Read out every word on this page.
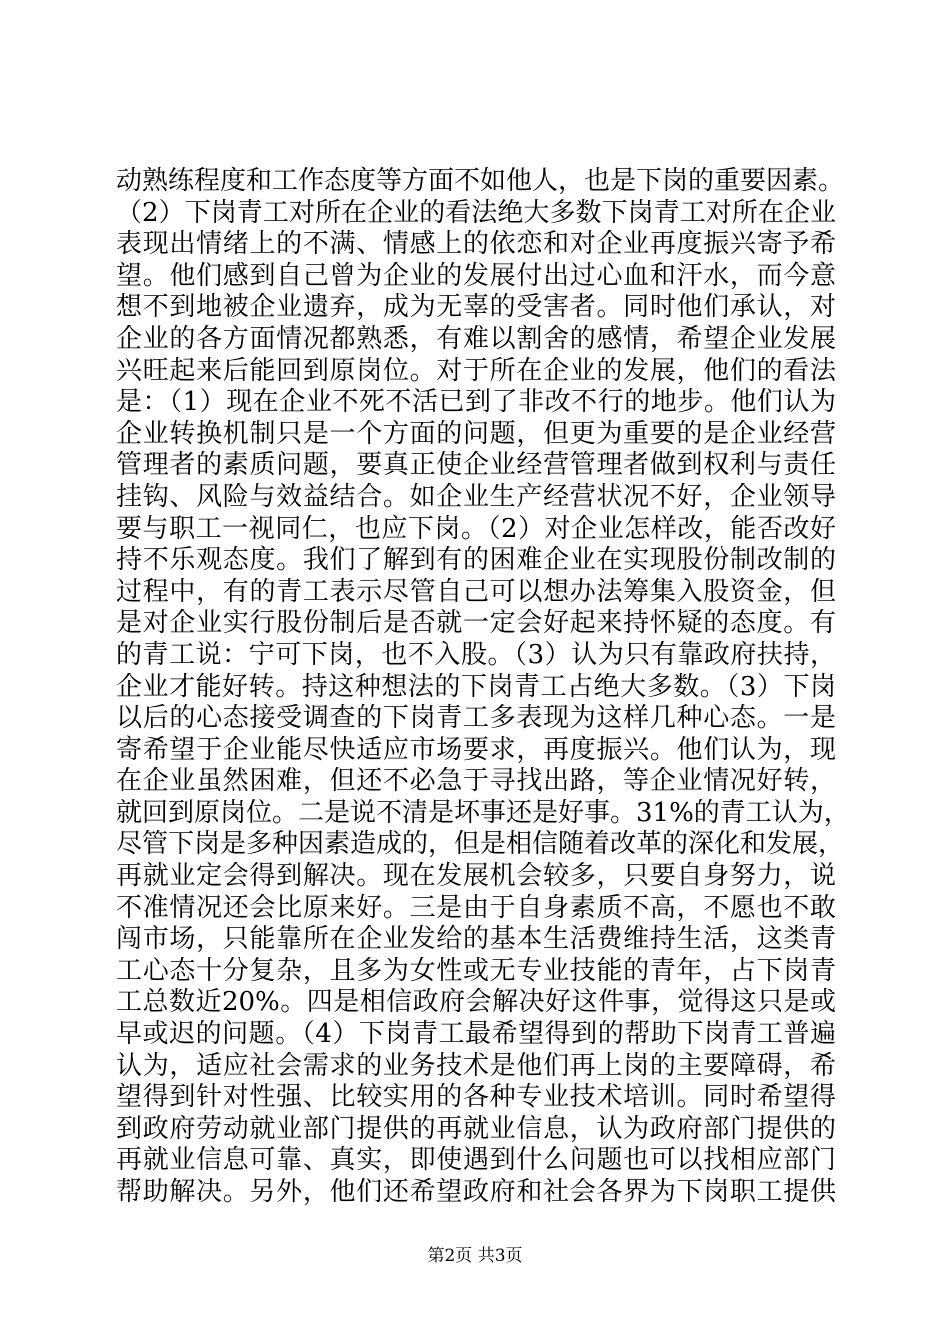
动熟练程度和工作态度等方面不如他人，也是下岗的重要因素。
（2）下岗青工对所在企业的看法绝大多数下岗青工对所在企业
表现出情绪上的不满、情感上的依恋和对企业再度振兴寄予希
望。他们感到自己曾为企业的发展付出过心血和汗水，而今意
想不到地被企业遗弃，成为无辜的受害者。同时他们承认，对
企业的各方面情况都熟悉，有难以割舍的感情，希望企业发展
兴旺起来后能回到原岗位。对于所在企业的发展，他们的看法
是：（1）现在企业不死不活已到了非改不行的地步。他们认为
企业转换机制只是一个方面的问题，但更为重要的是企业经营
管理者的素质问题，要真正使企业经营管理者做到权利与责任
挂钩、风险与效益结合。如企业生产经营状况不好，企业领导
要与职工一视同仁，也应下岗。（2）对企业怎样改，能否改好
持不乐观态度。我们了解到有的困难企业在实现股份制改制的
过程中，有的青工表示尽管自己可以想办法筹集入股资金，但
是对企业实行股份制后是否就一定会好起来持怀疑的态度。有
的青工说：宁可下岗，也不入股。（3）认为只有靠政府扶持，
企业才能好转。持这种想法的下岗青工占绝大多数。（3）下岗
以后的心态接受调查的下岗青工多表现为这样几种心态。一是
寄希望于企业能尽快适应市场要求，再度振兴。他们认为，现
在企业虽然困难，但还不必急于寻找出路，等企业情况好转，
就回到原岗位。二是说不清是坏事还是好事。31%的青工认为，
尽管下岗是多种因素造成的，但是相信随着改革的深化和发展，
再就业定会得到解决。现在发展机会较多，只要自身努力，说
不准情况还会比原来好。三是由于自身素质不高，不愿也不敢
闯市场，只能靠所在企业发给的基本生活费维持生活，这类青
工心态十分复杂，且多为女性或无专业技能的青年，占下岗青
工总数近20%。四是相信政府会解决好这件事，觉得这只是或
早或迟的问题。（4）下岗青工最希望得到的帮助下岗青工普遍
认为，适应社会需求的业务技术是他们再上岗的主要障碍，希
望得到针对性强、比较实用的各种专业技术培训。同时希望得
到政府劳动就业部门提供的再就业信息，认为政府部门提供的
再就业信息可靠、真实，即使遇到什么问题也可以找相应部门
帮助解决。另外，他们还希望政府和社会各界为下岗职工提供
第2页 共3页
